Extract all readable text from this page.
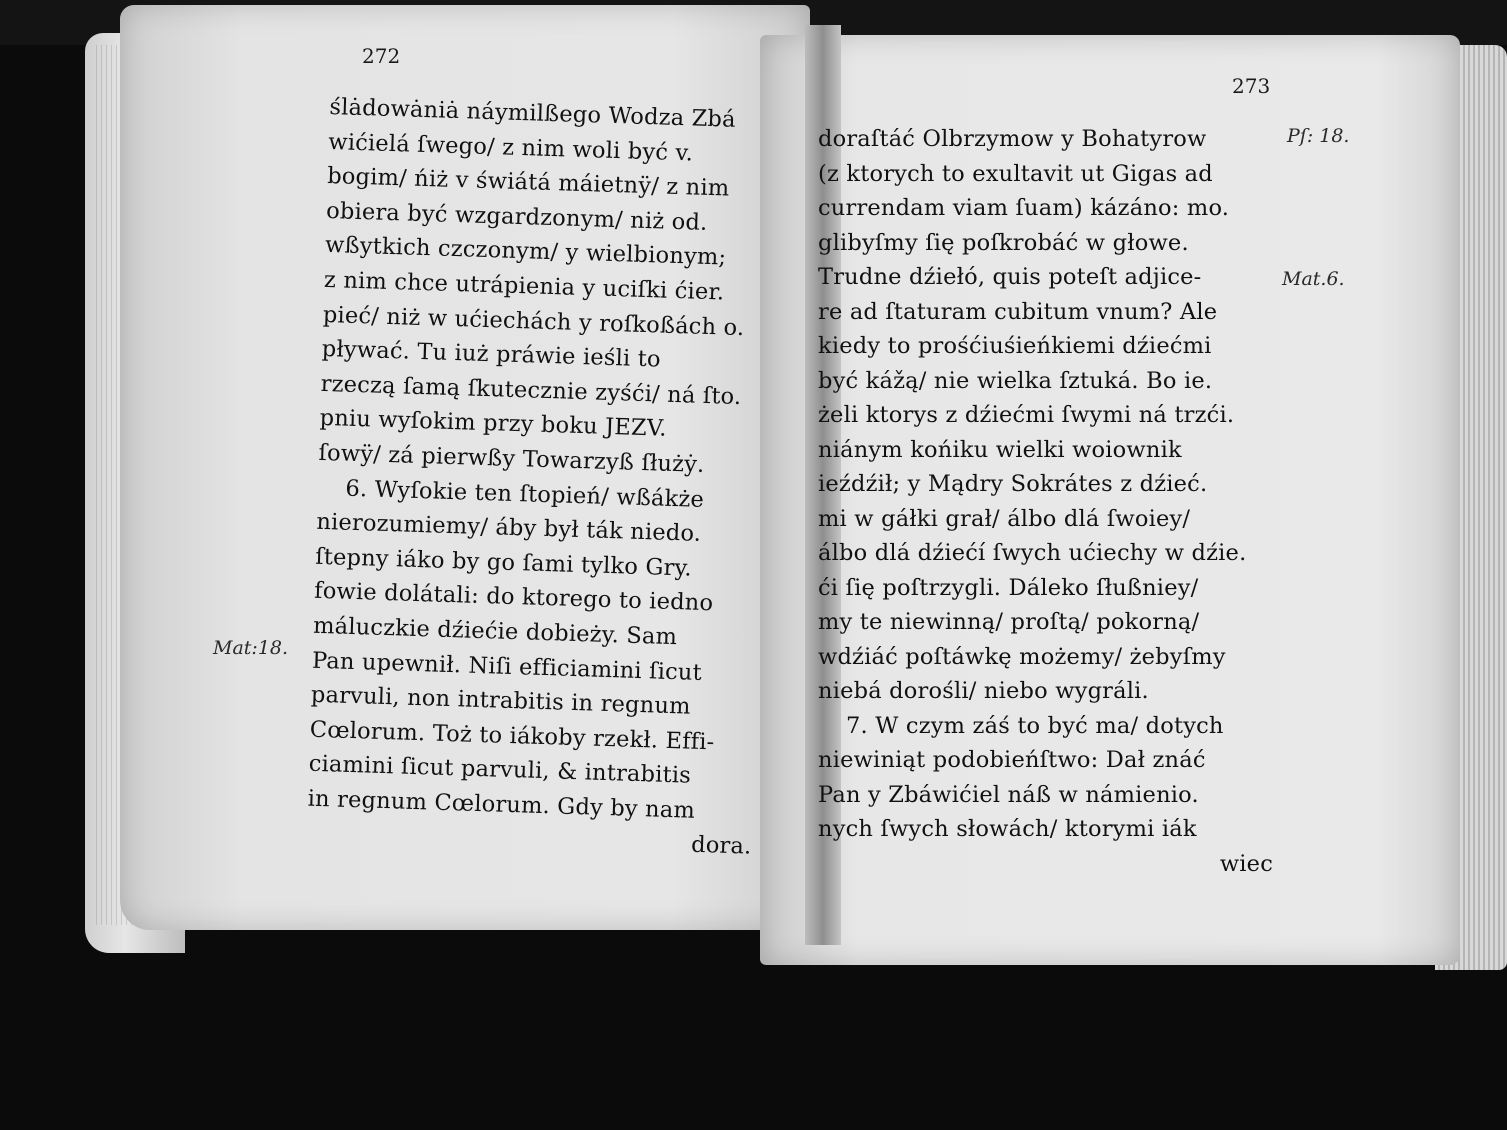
272

273

ślȧdowȧniȧ náymilßego Wodza Zbá
wićielá ſwego/ z nim woli być v.
bogim/ ńiż v świátá máietnÿ/ z nim
obiera być wzgardzonym/ niż od.
wßytkich czczonym/ y wielbionym;
z nim chce utrápienia y uciſki ćier.
pieć/ niż w ućiechách y roſkoßách o.
pływać. Tu iuż práwie ieśli to
rzeczą ſamą ſkutecznie zyśći/ ná ſto.
pniu wyſokim przy boku JEZV.
ſowÿ/ zá pierwßy Towarzyß ſłużẏ.
6. Wyſokie ten ſtopień/ wßákże
nierozumiemy/ áby był ták niedo.
ſtepny iáko by go ſami tylko Gry.
fowie dolátali: do ktorego to iedno
máluczkie dźiećie dobieży. Sam
Pan upewnił. Niſi efficiamini ſicut
parvuli, non intrabitis in regnum
Cœlorum. Toż to iákoby rzekł. Effi-
ciamini ſicut parvuli, & intrabitis
in regnum Cœlorum. Gdy by nam
dora.
doraſtáć Olbrzymow y Bohatyrow
(z ktorych to exultavit ut Gigas ad
currendam viam ſuam) kázáno: mo.
glibyſmy ſię poſkrobáć w głowe.
Trudne dźiełó, quis poteſt adjice-
re ad ſtaturam cubitum vnum? Ale
kiedy to prośćiuśieńkiemi dźiećmi
być kážą/ nie wielka ſztuká. Bo ie.
żeli ktorys z dźiećmi ſwymi ná trzći.
niánym końiku wielki woiownik
ieźdźił; y Mądry Sokrátes z dźieć.
mi w gáłki grał/ álbo dlá ſwoiey/
álbo dlá dźiećí ſwych ućiechy w dźie.
ći ſię poſtrzygli. Dáleko ſłußniey/
my te niewinną/ proſtą/ pokorną/
wdźiáć poſtáwkę możemy/ żebyſmy
niebá dorośli/ niebo wygráli.
7. W czym záś to być ma/ dotych
niewiniąt podobieńſtwo: Dał znáć
Pan y Zbáwićiel náß w námienio.
nych ſwych słowách/ ktorymi iák
wiec

Mat:18.

Pſ: 18.

Mat.6.
